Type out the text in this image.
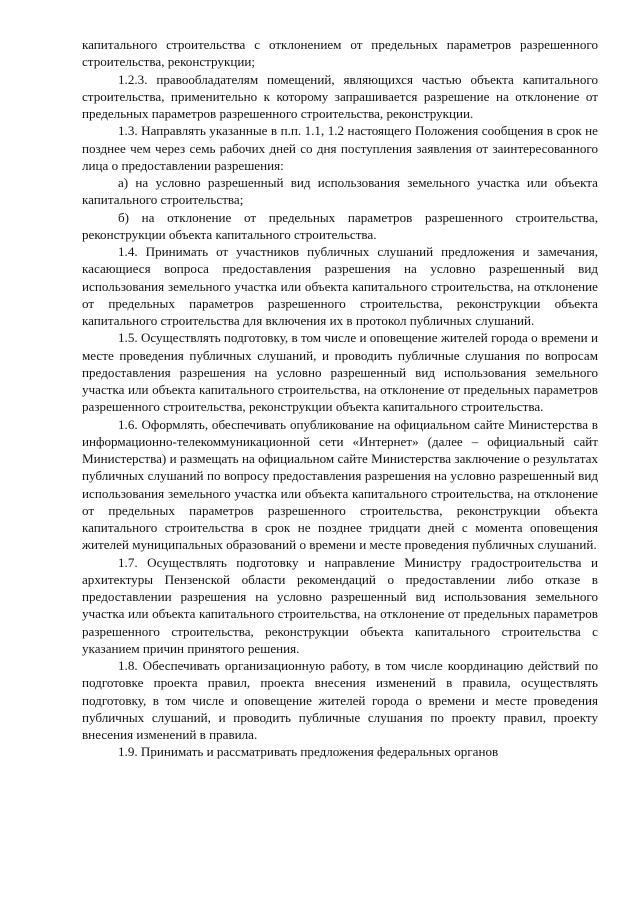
капитального строительства с отклонением от предельных параметров разрешенного строительства, реконструкции;

1.2.3. правообладателям помещений, являющихся частью объекта капитального строительства, применительно к которому запрашивается разрешение на отклонение от предельных параметров разрешенного строительства, реконструкции.

1.3. Направлять указанные в п.п. 1.1, 1.2 настоящего Положения сообщения в срок не позднее чем через семь рабочих дней со дня поступления заявления от заинтересованного лица о предоставлении разрешения:

а) на условно разрешенный вид использования земельного участка или объекта капитального строительства;

б) на отклонение от предельных параметров разрешенного строительства, реконструкции объекта капитального строительства.

1.4. Принимать от участников публичных слушаний предложения и замечания, касающиеся вопроса предоставления разрешения на условно разрешенный вид использования земельного участка или объекта капитального строительства, на отклонение от предельных параметров разрешенного строительства, реконструкции объекта капитального строительства для включения их в протокол публичных слушаний.

1.5. Осуществлять подготовку, в том числе и оповещение жителей города о времени и месте проведения публичных слушаний, и проводить публичные слушания по вопросам предоставления разрешения на условно разрешенный вид использования земельного участка или объекта капитального строительства, на отклонение от предельных параметров разрешенного строительства, реконструкции объекта капитального строительства.

1.6. Оформлять, обеспечивать опубликование на официальном сайте Министерства в информационно-телекоммуникационной сети «Интернет» (далее – официальный сайт Министерства) и размещать на официальном сайте Министерства заключение о результатах публичных слушаний по вопросу предоставления разрешения на условно разрешенный вид использования земельного участка или объекта капитального строительства, на отклонение от предельных параметров разрешенного строительства, реконструкции объекта капитального строительства в срок не позднее тридцати дней с момента оповещения жителей муниципальных образований о времени и месте проведения публичных слушаний.

1.7. Осуществлять подготовку и направление Министру градостроительства и архитектуры Пензенской области рекомендаций о предоставлении либо отказе в предоставлении разрешения на условно разрешенный вид использования земельного участка или объекта капитального строительства, на отклонение от предельных параметров разрешенного строительства, реконструкции объекта капитального строительства с указанием причин принятого решения.

1.8. Обеспечивать организационную работу, в том числе координацию действий по подготовке проекта правил, проекта внесения изменений в правила, осуществлять подготовку, в том числе и оповещение жителей города о времени и месте проведения публичных слушаний, и проводить публичные слушания по проекту правил, проекту внесения изменений в правила.

1.9. Принимать и рассматривать предложения федеральных органов
